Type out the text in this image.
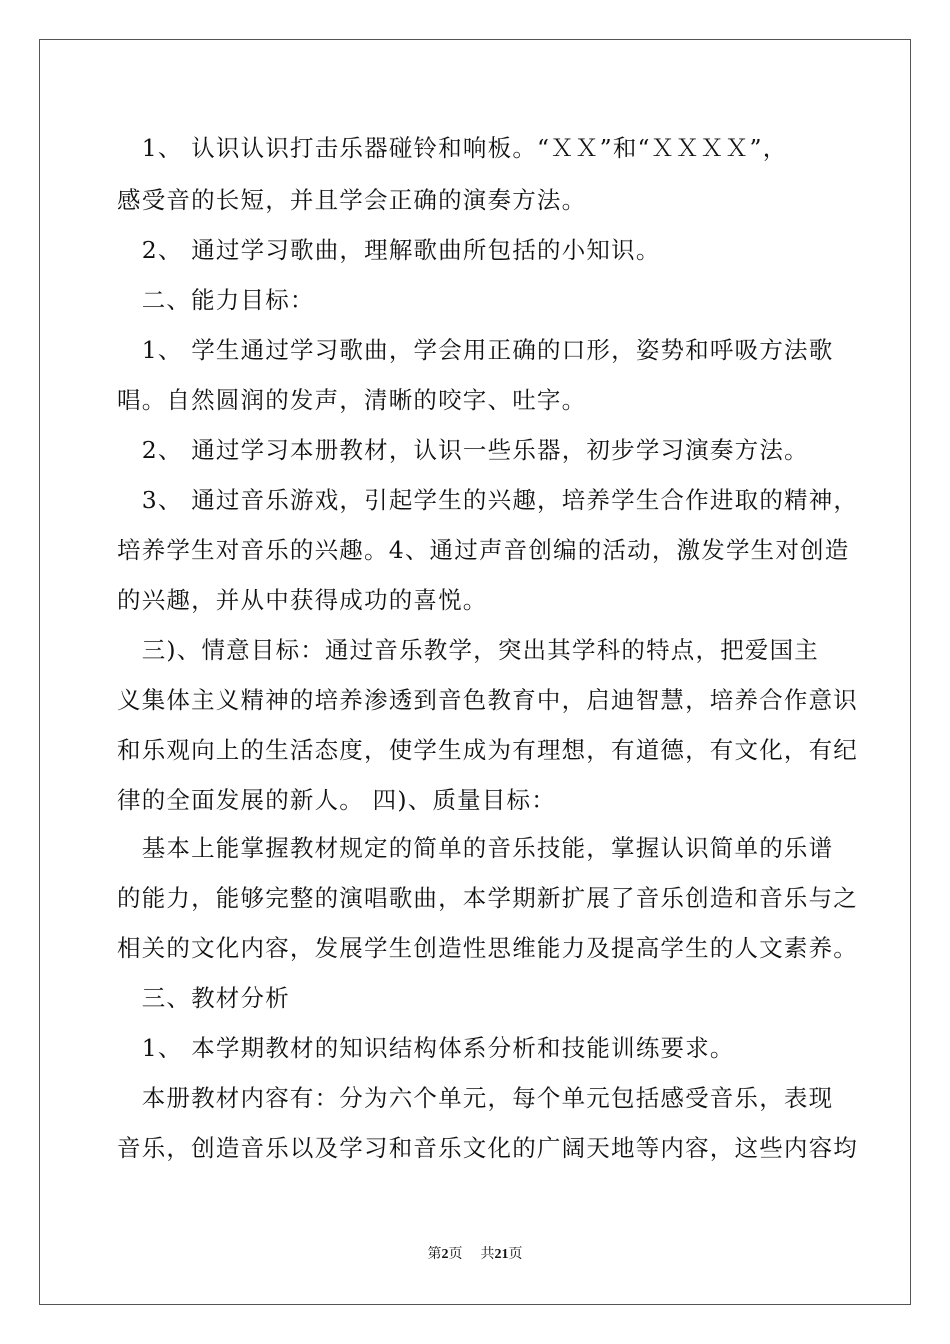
　1、 认识认识打击乐器碰铃和响板。“ＸＸ”和“ＸＸＸＸ”，

感受音的长短，并且学会正确的演奏方法。

　2、 通过学习歌曲，理解歌曲所包括的小知识。

　二、能力目标：

　1、 学生通过学习歌曲，学会用正确的口形，姿势和呼吸方法歌

唱。自然圆润的发声，清晰的咬字、吐字。

　2、 通过学习本册教材，认识一些乐器，初步学习演奏方法。

　3、 通过音乐游戏，引起学生的兴趣，培养学生合作进取的精神，

培养学生对音乐的兴趣。4、通过声音创编的活动，激发学生对创造

的兴趣，并从中获得成功的喜悦。

　三)、情意目标：通过音乐教学，突出其学科的特点，把爱国主

义集体主义精神的培养渗透到音色教育中，启迪智慧，培养合作意识

和乐观向上的生活态度，使学生成为有理想，有道德，有文化，有纪

律的全面发展的新人。 四)、质量目标：

　基本上能掌握教材规定的简单的音乐技能，掌握认识简单的乐谱

的能力，能够完整的演唱歌曲，本学期新扩展了音乐创造和音乐与之

相关的文化内容，发展学生创造性思维能力及提高学生的人文素养。

　三、教材分析

　1、 本学期教材的知识结构体系分析和技能训练要求。

　本册教材内容有：分为六个单元，每个单元包括感受音乐，表现

音乐，创造音乐以及学习和音乐文化的广阔天地等内容，这些内容均

第2页 共21页
